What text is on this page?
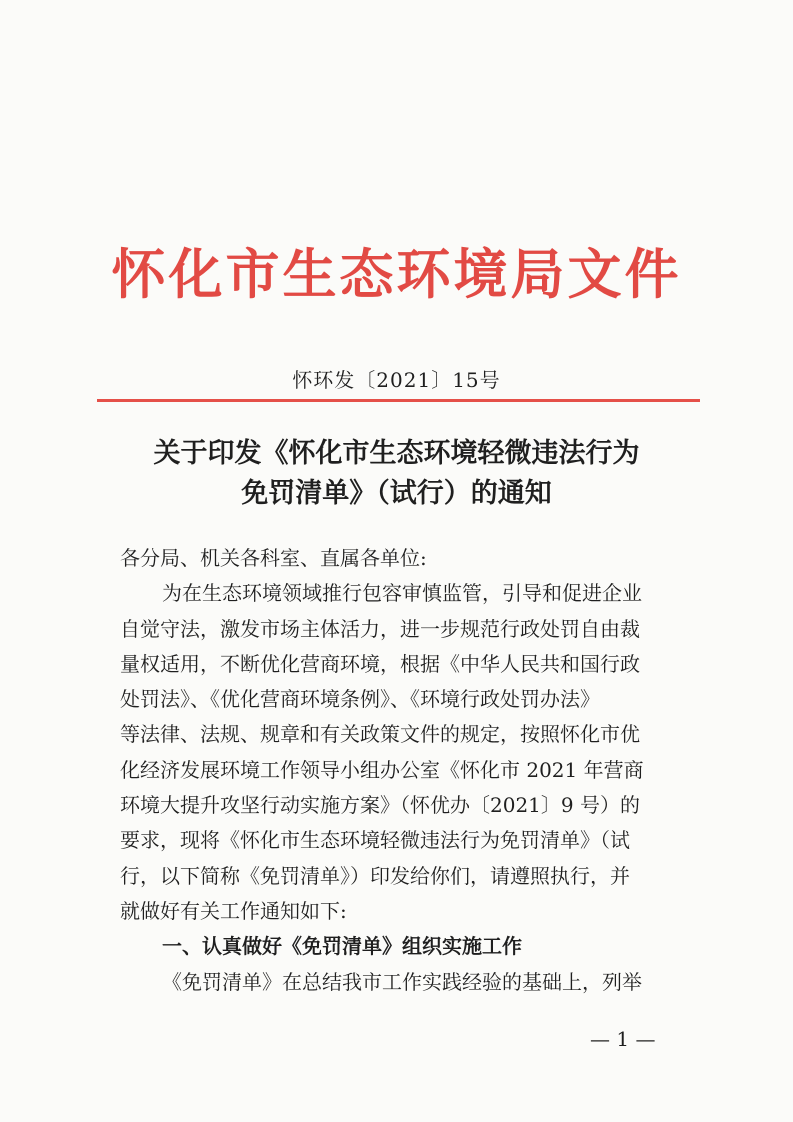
怀化市生态环境局文件
怀环发〔2021〕15号
关于印发《怀化市生态环境轻微违法行为
免罚清单》（试行）的通知
各分局、机关各科室、直属各单位:
为在生态环境领域推行包容审慎监管，引导和促进企业
自觉守法，激发市场主体活力，进一步规范行政处罚自由裁
量权适用，不断优化营商环境，根据《中华人民共和国行政
处罚法》、《优化营商环境条例》、《环境行政处罚办法》
等法律、法规、规章和有关政策文件的规定，按照怀化市优
化经济发展环境工作领导小组办公室《怀化市 2021 年营商
环境大提升攻坚行动实施方案》（怀优办〔2021〕9 号）的
要求，现将《怀化市生态环境轻微违法行为免罚清单》（试
行，以下简称《免罚清单》）印发给你们，请遵照执行，并
就做好有关工作通知如下:
一、认真做好《免罚清单》组织实施工作
《免罚清单》在总结我市工作实践经验的基础上，列举
— 1 —
